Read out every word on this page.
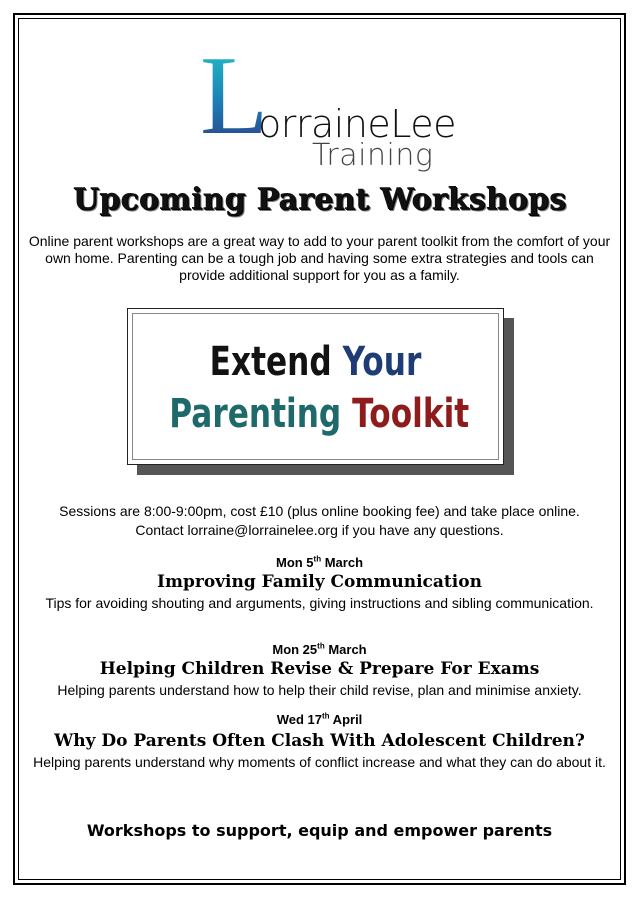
L
orraineLee
Training
Upcoming Parent Workshops
Online parent workshops are a great way to add to your parent toolkit from the comfort of your own home. Parenting can be a tough job and having some extra strategies and tools can provide additional support for you as a family.
Extend Your
Parenting Toolkit
Sessions are 8:00-9:00pm, cost £10 (plus online booking fee) and take place online.
Contact lorraine@lorrainelee.org if you have any questions.
Mon 5th March
Improving Family Communication
Tips for avoiding shouting and arguments, giving instructions and sibling communication.
Mon 25th March
Helping Children Revise & Prepare For Exams
Helping parents understand how to help their child revise, plan and minimise anxiety.
Wed 17th April
Why Do Parents Often Clash With Adolescent Children?
Helping parents understand why moments of conflict increase and what they can do about it.
Workshops to support, equip and empower parents
